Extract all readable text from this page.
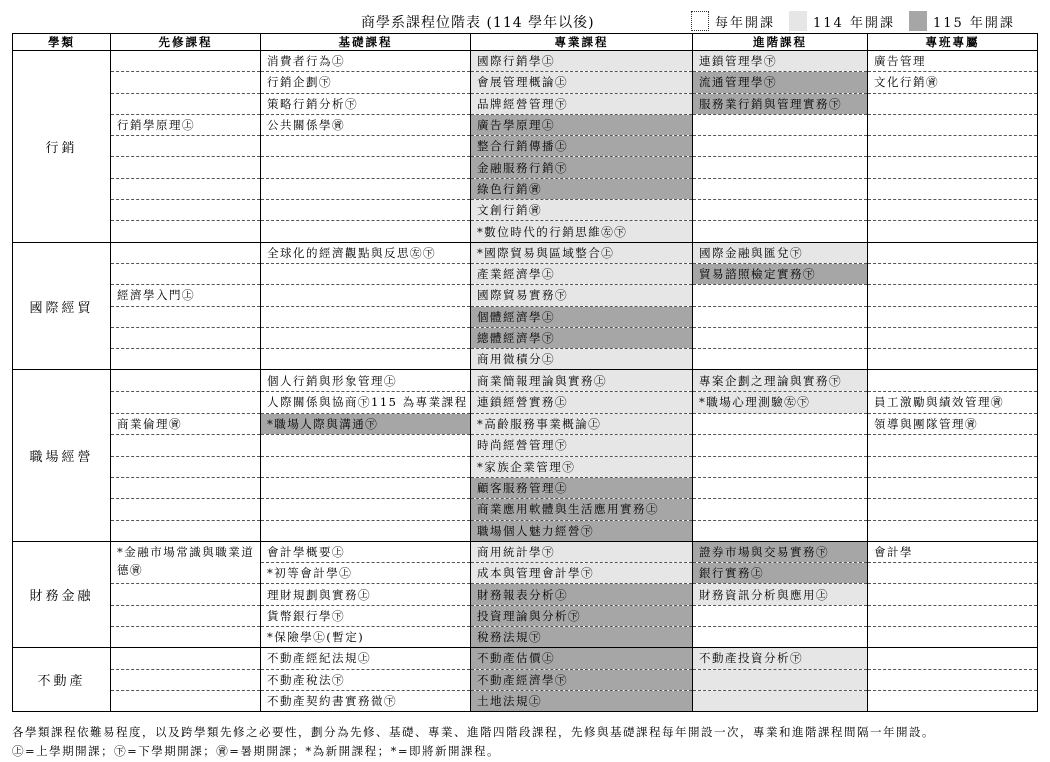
商學系課程位階表 (114 學年以後)	每年開課	114 年開課	115 年開課
學類	先修課程	基礎課程	專業課程	進階課程	專班專屬
行銷		消費者行為㊤	國際行銷學㊤	連鎖管理學㊦	廣告管理
		行銷企劃㊦	會展管理概論㊤	流通管理學㊦	文化行銷㊮
		策略行銷分析㊦	品牌經營管理㊦	服務業行銷與管理實務㊦	
	行銷學原理㊤	公共關係學㊮	廣告學原理㊤		
			整合行銷傳播㊤		
			金融服務行銷㊦		
			綠色行銷㊮		
			文創行銷㊮		
			*數位時代的行銷思維㊧㊦		
國際經貿		全球化的經濟觀點與反思㊧㊦	*國際貿易與區域整合㊤	國際金融與匯兌㊦	
			產業經濟學㊤	貿易諮照檢定實務㊦	
	經濟學入門㊤		國際貿易實務㊦		
			個體經濟學㊤		
			總體經濟學㊦		
			商用微積分㊤		
職場經營		個人行銷與形象管理㊤	商業簡報理論與實務㊤	專案企劃之理論與實務㊦	
		人際關係與協商㊦115 為專業課程	連鎖經營實務㊤	*職場心理測驗㊧㊦	員工激勵與績效管理㊮
	商業倫理㊮	*職場人際與溝通㊦	*高齡服務事業概論㊤		領導與團隊管理㊮
			時尚經營管理㊦		
			*家族企業管理㊦		
			顧客服務管理㊤		
			商業應用軟體與生活應用實務㊤		
			職場個人魅力經營㊦		
財務金融	*金融市場常識與職業道德㊮	會計學概要㊤	商用統計學㊦	證券市場與交易實務㊦	會計學
		*初等會計學㊤	成本與管理會計學㊦	銀行實務㊤	
		理財規劃與實務㊤	財務報表分析㊤	財務資訊分析與應用㊤	
		貨幣銀行學㊦	投資理論與分析㊦		
		*保險學㊤(暫定)	稅務法規㊦		
不動產		不動產經紀法規㊤	不動產估價㊤	不動產投資分析㊦	
		不動產稅法㊦	不動產經濟學㊦		
		不動產契約書實務微㊦	土地法規㊤		
各學類課程依難易程度，以及跨學類先修之必要性，劃分為先修、基礎、專業、進階四階段課程，先修與基礎課程每年開設一次，專業和進階課程間隔一年開設。
㊤=上學期開課；㊦=下學期開課；㊮=暑期開課；*為新開課程；*=即將新開課程。
